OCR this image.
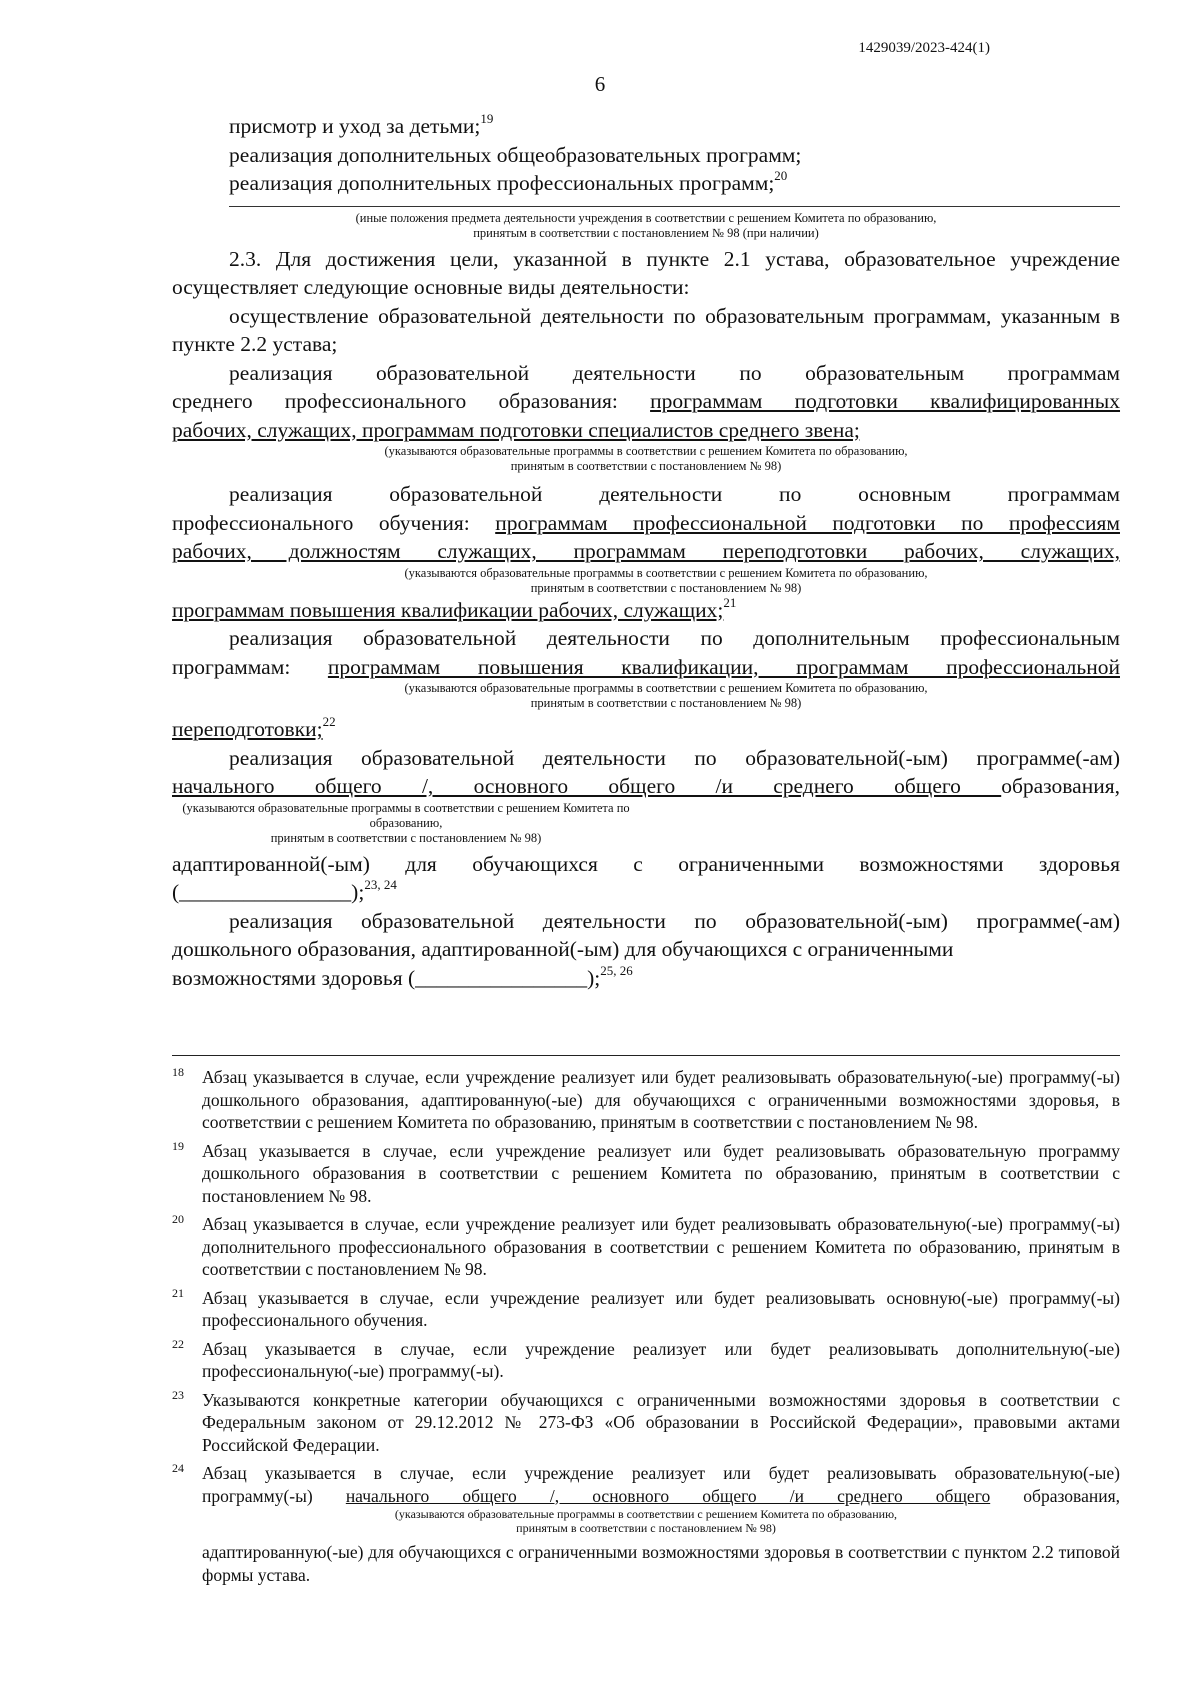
1429039/2023-424(1)
6

присмотр и уход за детьми;$^{19}$

реализация дополнительных общеобразовательных программ;

реализация дополнительных профессиональных программ;$^{20}$

(иные положения предмета деятельности учреждения в соответствии с решением Комитета по образованию,
принятым в соответствии с постановлением № 98 (при наличии)

2.3. Для достижения цели, указанной в пункте 2.1 устава, образовательное учреждение осуществляет следующие основные виды деятельности:

осуществление образовательной деятельности по образовательным программам, указанным в пункте 2.2 устава;

реализация образовательной деятельности по образовательным программам

среднего профессионального образования: программам подготовки квалифицированных

рабочих, служащих, программам подготовки специалистов среднего звена;

(указываются образовательные программы в соответствии с решением Комитета по образованию,
принятым в соответствии с постановлением № 98)

реализация образовательной деятельности по основным программам

профессионального обучения: программам профессиональной подготовки по профессиям

рабочих, должностям служащих, программам переподготовки рабочих, служащих,

(указываются образовательные программы в соответствии с решением Комитета по образованию,
принятым в соответствии с постановлением № 98)

программам повышения квалификации рабочих, служащих;$^{21}$

реализация образовательной деятельности по дополнительным профессиональным

программам: программам повышения квалификации, программам профессиональной

(указываются образовательные программы в соответствии с решением Комитета по образованию,
принятым в соответствии с постановлением № 98)

переподготовки;$^{22}$

реализация образовательной деятельности по образовательной(-ым) программе(-ам)

начального общего /, основного общего /и среднего общего образования,

(указываются образовательные программы в соответствии с решением Комитета по образованию,
принятым в соответствии с постановлением № 98)

адаптированной(-ым) для обучающихся с ограниченными возможностями здоровья

(________________);$^{23, 24}$

реализация образовательной деятельности по образовательной(-ым) программе(-ам) дошкольного образования, адаптированной(-ым) для обучающихся с ограниченными

возможностями здоровья (________________);$^{25, 26}$

18 Абзац указывается в случае, если учреждение реализует или будет реализовывать образовательную(-ые) программу(-ы) дошкольного образования, адаптированную(-ые) для обучающихся с ограниченными возможностями здоровья, в соответствии с решением Комитета по образованию, принятым в соответствии с постановлением № 98.
19 Абзац указывается в случае, если учреждение реализует или будет реализовывать образовательную программу дошкольного образования в соответствии с решением Комитета по образованию, принятым в соответствии с постановлением № 98.
20 Абзац указывается в случае, если учреждение реализует или будет реализовывать образовательную(-ые) программу(-ы) дополнительного профессионального образования в соответствии с решением Комитета по образованию, принятым в соответствии с постановлением № 98.
21 Абзац указывается в случае, если учреждение реализует или будет реализовывать основную(-ые) программу(-ы) профессионального обучения.
22 Абзац указывается в случае, если учреждение реализует или будет реализовывать дополнительную(-ые) профессиональную(-ые) программу(-ы).
23 Указываются конкретные категории обучающихся с ограниченными возможностями здоровья в соответствии с Федеральным законом от 29.12.2012 № 273-ФЗ «Об образовании в Российской Федерации», правовыми актами Российской Федерации.
24 Абзац указывается в случае, если учреждение реализует или будет реализовывать образовательную(-ые)
программу(-ы) начального общего /, основного общего /и среднего общего образования,
(указываются образовательные программы в соответствии с решением Комитета по образованию,
принятым в соответствии с постановлением № 98)
адаптированную(-ые) для обучающихся с ограниченными возможностями здоровья в соответствии с пунктом 2.2 типовой формы устава.
